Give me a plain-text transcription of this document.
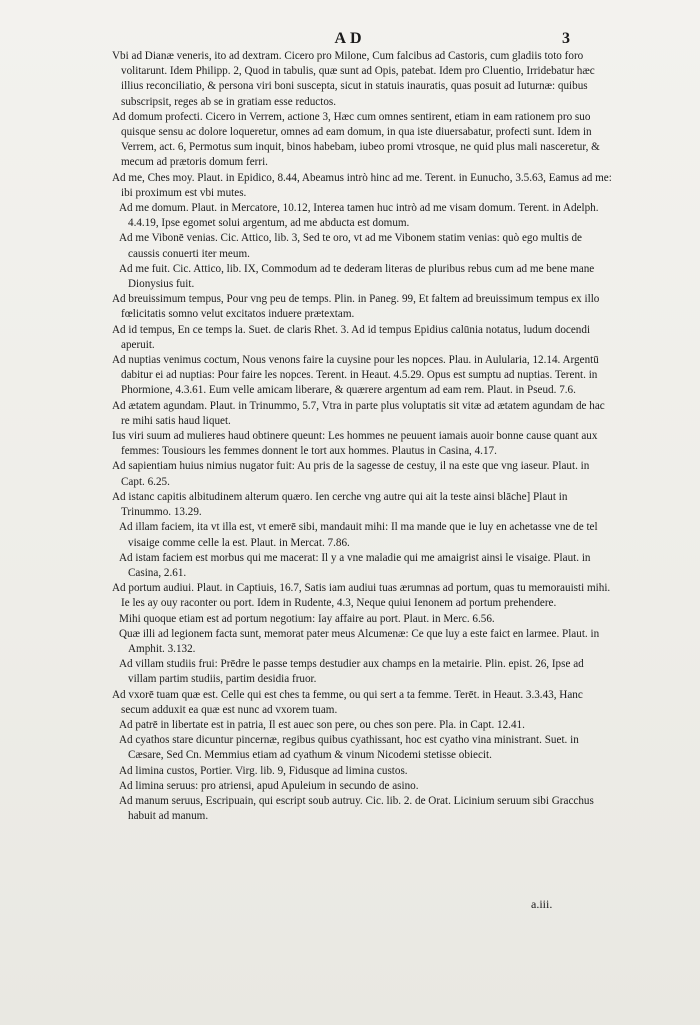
AD	3

Vbi ad Dianæ veneris, ito ad dextram. Cicero pro Milone, Cum falcibus ad Castoris, cum gladiis toto foro volitarunt. Idem Philipp. 2, Quod in tabulis, quæ sunt ad Opis, patebat. Idem pro Cluentio, Irridebatur hæc illius reconciliatio, & persona viri boni suscepta, sicut in statuis inauratis, quas posuit ad Iuturnæ: quibus subscripsit, reges ab se in gratiam esse reductos.

Ad domum profecti. Cicero in Verrem, actione 3, Hæc cum omnes sentirent, etiam in eam rationem pro suo quisque sensu ac dolore loqueretur, omnes ad eam domum, in qua iste diuersabatur, profecti sunt. Idem in Verrem, act. 6, Permotus sum inquit, binos habebam, iubeo promi vtrosque, ne quid plus mali nasceretur, & mecum ad prætoris domum ferri.

Ad me, Ches moy. Plaut. in Epidico, 8.44, Abeamus intrò hinc ad me. Terent. in Eunucho, 3.5.63, Eamus ad me: ibi proximum est vbi mutes.

Ad me domum. Plaut. in Mercatore, 10.12, Interea tamen huc intrò ad me visam domum. Terent. in Adelph. 4.4.19, Ipse egomet solui argentum, ad me abducta est domum.

Ad me Vibonē venias. Cic. Attico, lib. 3, Sed te oro, vt ad me Vibonem statim venias: quò ego multis de caussis conuerti iter meum.

Ad me fuit. Cic. Attico, lib. IX, Commodum ad te dederam literas de pluribus rebus cum ad me bene mane Dionysius fuit.

Ad breuissimum tempus, Pour vng peu de temps. Plin. in Paneg. 99, Et faltem ad breuissimum tempus ex illo fœlicitatis somno velut excitatos induere prætextam.

Ad id tempus, En ce temps la. Suet. de claris Rhet. 3. Ad id tempus Epidius calūnia notatus, ludum docendi aperuit.

Ad nuptias venimus coctum, Nous venons faire la cuysine pour les nopces. Plau. in Aulularia, 12.14. Argentū dabitur ei ad nuptias: Pour faire les nopces. Terent. in Heaut. 4.5.29. Opus est sumptu ad nuptias. Terent. in Phormione, 4.3.61. Eum velle amicam liberare, & quærere argentum ad eam rem. Plaut. in Pseud. 7.6.

Ad ætatem agundam. Plaut. in Trinummo, 5.7, Vtra in parte plus voluptatis sit vitæ ad ætatem agundam de hac re mihi satis haud liquet.

Ius viri suum ad mulieres haud obtinere queunt: Les hommes ne peuuent iamais auoir bonne cause quant aux femmes: Tousiours les femmes donnent le tort aux hommes. Plautus in Casina, 4.17.

Ad sapientiam huius nimius nugator fuit: Au pris de la sagesse de cestuy, il na este que vng iaseur. Plaut. in Capt. 6.25.

Ad istanc capitis albitudinem alterum quæro. Ien cerche vng autre qui ait la teste ainsi blāche] Plaut in Trinummo. 13.29.

Ad illam faciem, ita vt illa est, vt emerē sibi, mandauit mihi: Il ma mande que ie luy en achetasse vne de tel visaige comme celle la est. Plaut. in Mercat. 7.86.

Ad istam faciem est morbus qui me macerat: Il y a vne maladie qui me amaigrist ainsi le visaige. Plaut. in Casina, 2.61.

Ad portum audiui. Plaut. in Captiuis, 16.7, Satis iam audiui tuas ærumnas ad portum, quas tu memorauisti mihi. Ie les ay ouy raconter ou port. Idem in Rudente, 4.3, Neque quiui Ienonem ad portum prehendere.

Mihi quoque etiam est ad portum negotium: Iay affaire au port. Plaut. in Merc. 6.56.

Quæ illi ad legionem facta sunt, memorat pater meus Alcumenæ: Ce que luy a este faict en larmee. Plaut. in Amphit. 3.132.

Ad villam studiis frui: Prēdre le passe temps destudier aux champs en la metairie. Plin. epist. 26, Ipse ad villam partim studiis, partim desidia fruor.

Ad vxorē tuam quæ est. Celle qui est ches ta femme, ou qui sert a ta femme. Terēt. in Heaut. 3.3.43, Hanc secum adduxit ea quæ est nunc ad vxorem tuam.

Ad patrē in libertate est in patria, Il est auec son pere, ou ches son pere. Pla. in Capt. 12.41.

Ad cyathos stare dicuntur pincernæ, regibus quibus cyathissant, hoc est cyatho vina ministrant. Suet. in Cæsare, Sed Cn. Memmius etiam ad cyathum & vinum Nicodemi stetisse obiecit.

Ad limina custos, Portier. Virg. lib. 9, Fidusque ad limina custos.

Ad limina seruus: pro atriensi, apud Apuleium in secundo de asino.

Ad manum seruus, Escripuain, qui escript soub autruy. Cic. lib. 2. de Orat. Licinium seruum sibi Gracchus habuit ad manum.

a.iii.
